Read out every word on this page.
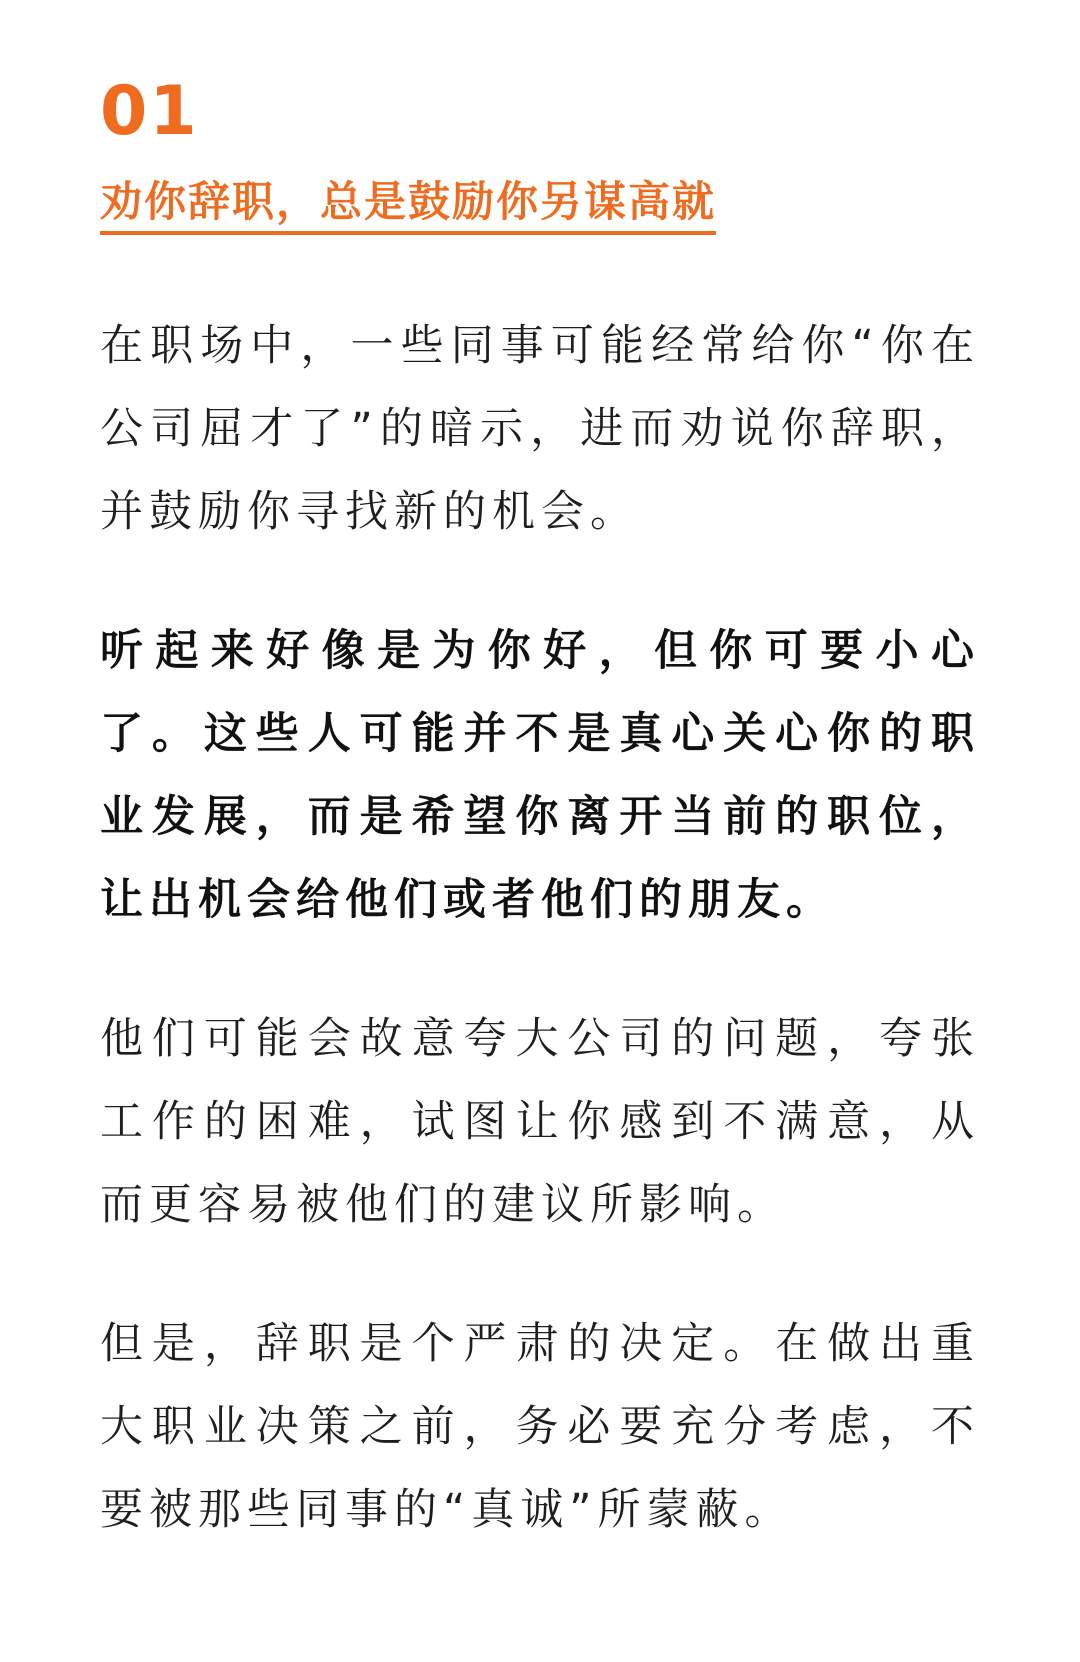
01
劝你辞职，总是鼓励你另谋高就

在职场中，一些同事可能经常给你“你在公司屈才了”的暗示，进而劝说你辞职，并鼓励你寻找新的机会。

听起来好像是为你好，但你可要小心了。这些人可能并不是真心关心你的职业发展，而是希望你离开当前的职位，让出机会给他们或者他们的朋友。

他们可能会故意夸大公司的问题，夸张工作的困难，试图让你感到不满意，从而更容易被他们的建议所影响。

但是，辞职是个严肃的决定。在做出重大职业决策之前，务必要充分考虑，不要被那些同事的“真诚”所蒙蔽。
